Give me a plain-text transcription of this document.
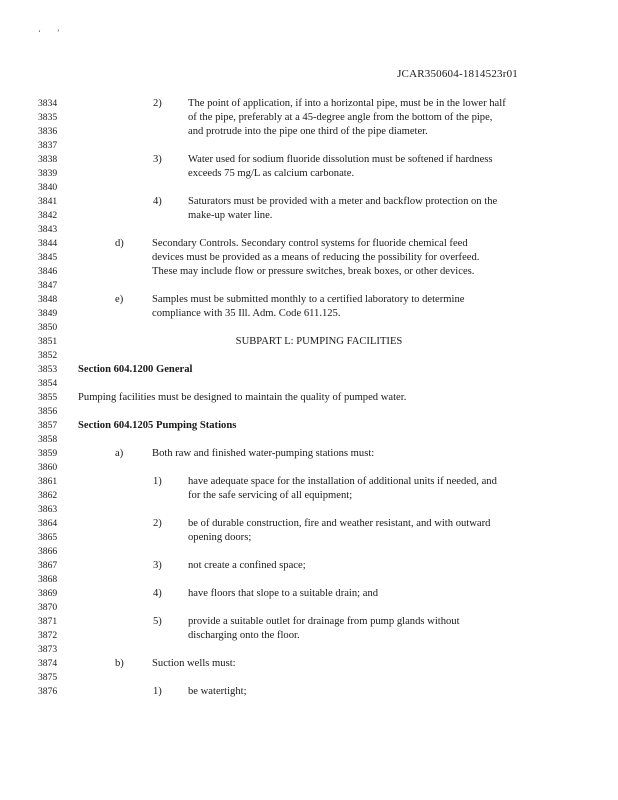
‘       ’
JCAR350604-1814523r01
3834	2) The point of application, if into a horizontal pipe, must be in the lower half
3835	of the pipe, preferably at a 45-degree angle from the bottom of the pipe,
3836	and protrude into the pipe one third of the pipe diameter.
3837
3838	3) Water used for sodium fluoride dissolution must be softened if hardness
3839	exceeds 75 mg/L as calcium carbonate.
3840
3841	4) Saturators must be provided with a meter and backflow protection on the
3842	make-up water line.
3843
3844	d)	Secondary Controls. Secondary control systems for fluoride chemical feed
3845	devices must be provided as a means of reducing the possibility for overfeed.
3846	These may include flow or pressure switches, break boxes, or other devices.
3847
3848	e)	Samples must be submitted monthly to a certified laboratory to determine
3849	compliance with 35 Ill. Adm. Code 611.125.
3850
3851	SUBPART L: PUMPING FACILITIES
3852
3853	Section 604.1200 General
3854
3855	Pumping facilities must be designed to maintain the quality of pumped water.
3856
3857	Section 604.1205 Pumping Stations
3858
3859	a)	Both raw and finished water-pumping stations must:
3860
3861	1) have adequate space for the installation of additional units if needed, and
3862	for the safe servicing of all equipment;
3863
3864	2) be of durable construction, fire and weather resistant, and with outward
3865	opening doors;
3866
3867	3) not create a confined space;
3868
3869	4) have floors that slope to a suitable drain; and
3870
3871	5) provide a suitable outlet for drainage from pump glands without
3872	discharging onto the floor.
3873
3874	b)	Suction wells must:
3875
3876	1) be watertight;
